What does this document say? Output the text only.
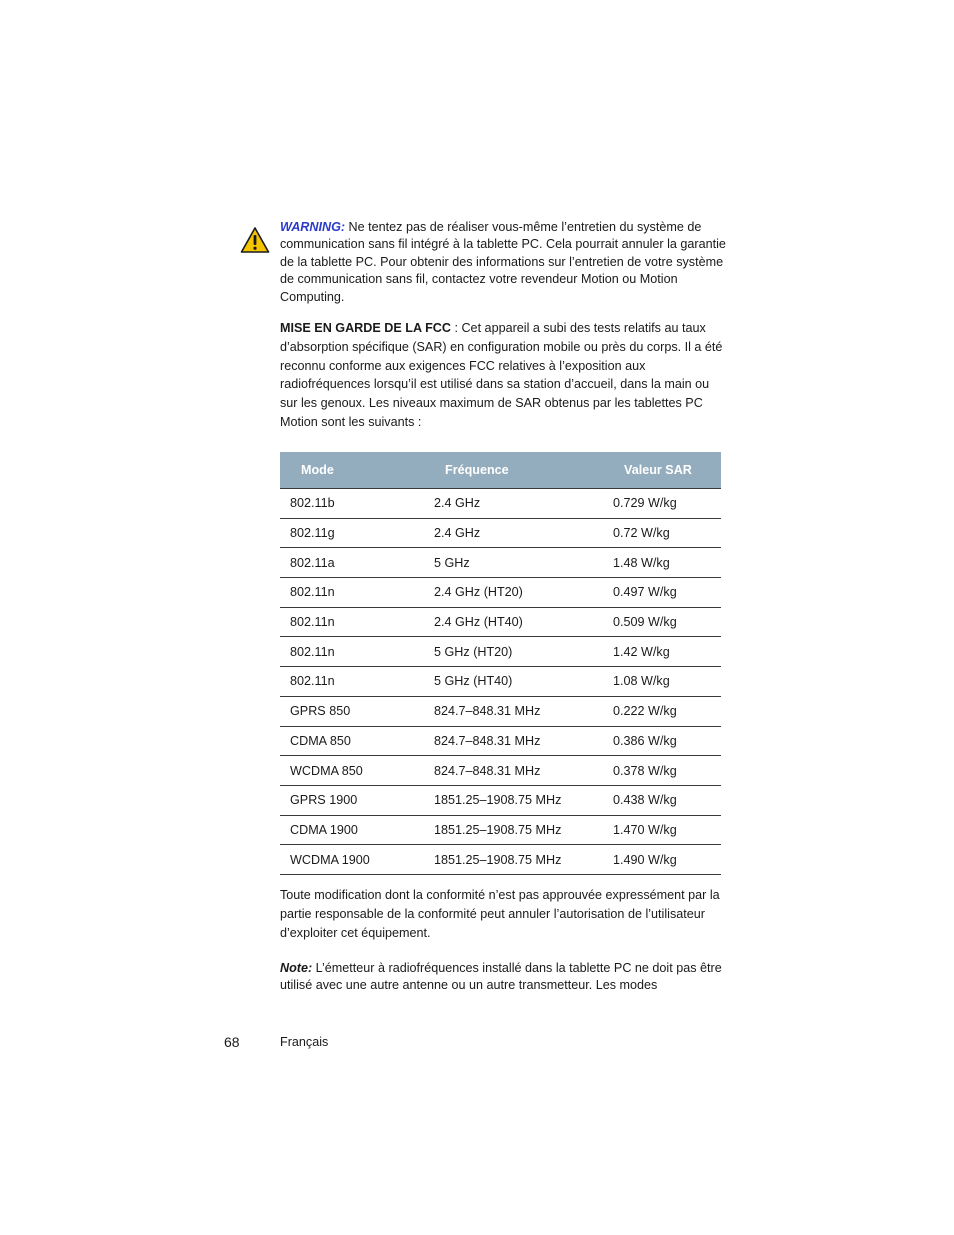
WARNING: Ne tentez pas de réaliser vous-même l’entretien du système de communication sans fil intégré à la tablette PC. Cela pourrait annuler la garantie de la tablette PC. Pour obtenir des informations sur l’entretien de votre système de communication sans fil, contactez votre revendeur Motion ou Motion Computing.
MISE EN GARDE DE LA FCC : Cet appareil a subi des tests relatifs au taux d’absorption spécifique (SAR) en configuration mobile ou près du corps. Il a été reconnu conforme aux exigences FCC relatives à l’exposition aux radiofréquences lorsqu’il est utilisé dans sa station d’accueil, dans la main ou sur les genoux. Les niveaux maximum de SAR obtenus par les tablettes PC Motion sont les suivants :
Mode	Fréquence	Valeur SAR
802.11b	2.4 GHz	0.729 W/kg
802.11g	2.4 GHz	0.72 W/kg
802.11a	5 GHz	1.48 W/kg
802.11n	2.4 GHz (HT20)	0.497 W/kg
802.11n	2.4 GHz (HT40)	0.509 W/kg
802.11n	5 GHz (HT20)	1.42 W/kg
802.11n	5 GHz (HT40)	1.08 W/kg
GPRS 850	824.7–848.31 MHz	0.222 W/kg
CDMA 850	824.7–848.31 MHz	0.386 W/kg
WCDMA 850	824.7–848.31 MHz	0.378 W/kg
GPRS 1900	1851.25–1908.75 MHz	0.438 W/kg
CDMA 1900	1851.25–1908.75 MHz	1.470 W/kg
WCDMA 1900	1851.25–1908.75 MHz	1.490 W/kg
Toute modification dont la conformité n’est pas approuvée expressément par la partie responsable de la conformité peut annuler l’autorisation de l’utilisateur d’exploiter cet équipement.
Note: L’émetteur à radiofréquences installé dans la tablette PC ne doit pas être utilisé avec une autre antenne ou un autre transmetteur. Les modes
68	Français
